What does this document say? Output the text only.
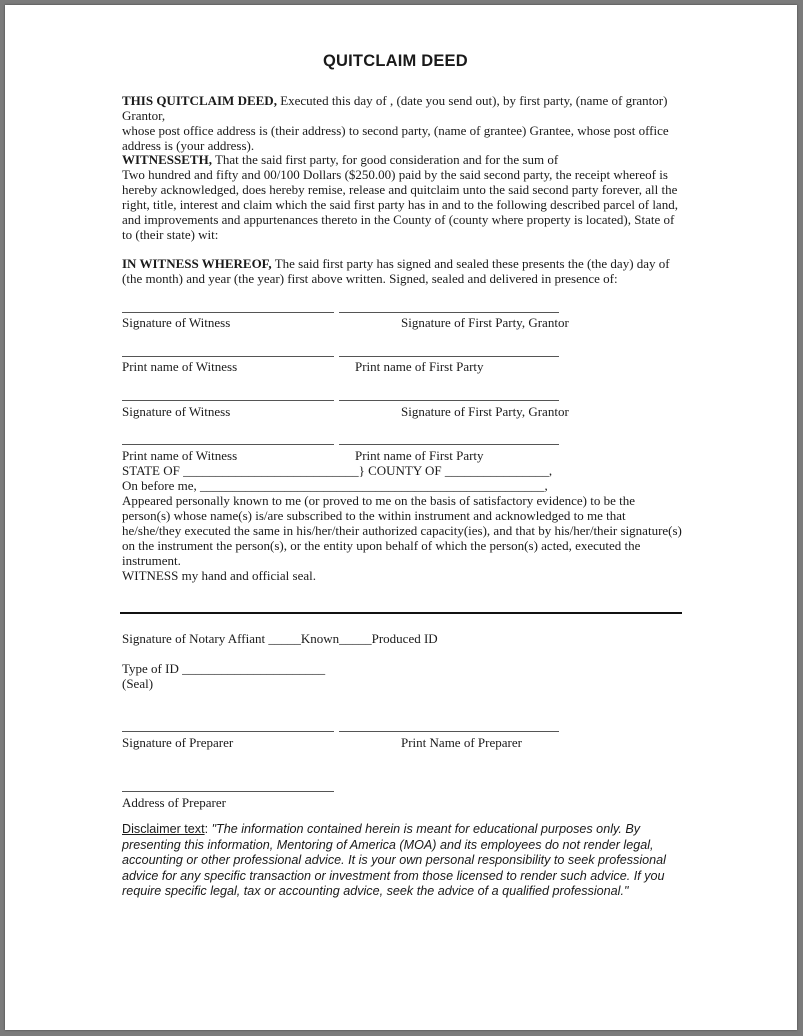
QUITCLAIM DEED
THIS QUITCLAIM DEED, Executed this day of , (date you send out), by first party, (name of grantor)
Grantor,
whose post office address is (their address) to second party, (name of grantee) Grantee, whose post office
address is (your address).
WITNESSETH, That the said first party, for good consideration and for the sum of
Two hundred and fifty and 00/100 Dollars ($250.00) paid by the said second party, the receipt whereof is
hereby acknowledged, does hereby remise, release and quitclaim unto the said second party forever, all the
right, title, interest and claim which the said first party has in and to the following described parcel of land,
and improvements and appurtenances thereto in the County of (county where property is located), State of
to (their state) wit:
IN WITNESS WHEREOF, The said first party has signed and sealed these presents the (the day) day of
(the month) and year (the year) first above written. Signed, sealed and delivered in presence of:
Signature of Witness	Signature of First Party, Grantor
Print name of Witness	Print name of First Party
Signature of Witness	Signature of First Party, Grantor
Print name of Witness	Print name of First Party
STATE OF ___________________________} COUNTY OF ________________,
On before me, _____________________________________________________,
Appeared personally known to me (or proved to me on the basis of satisfactory evidence) to be the
person(s) whose name(s) is/are subscribed to the within instrument and acknowledged to me that
he/she/they executed the same in his/her/their authorized capacity(ies), and that by his/her/their signature(s)
on the instrument the person(s), or the entity upon behalf of which the person(s) acted, executed the
instrument.
WITNESS my hand and official seal.
Signature of Notary Affiant _____Known_____Produced ID
Type of ID ______________________
(Seal)
Signature of Preparer	Print Name of Preparer
Address of Preparer
Disclaimer text: "The information contained herein is meant for educational purposes only. By
presenting this information, Mentoring of America (MOA) and its employees do not render legal,
accounting or other professional advice. It is your own personal responsibility to seek professional
advice for any specific transaction or investment from those licensed to render such advice. If you
require specific legal, tax or accounting advice, seek the advice of a qualified professional."
